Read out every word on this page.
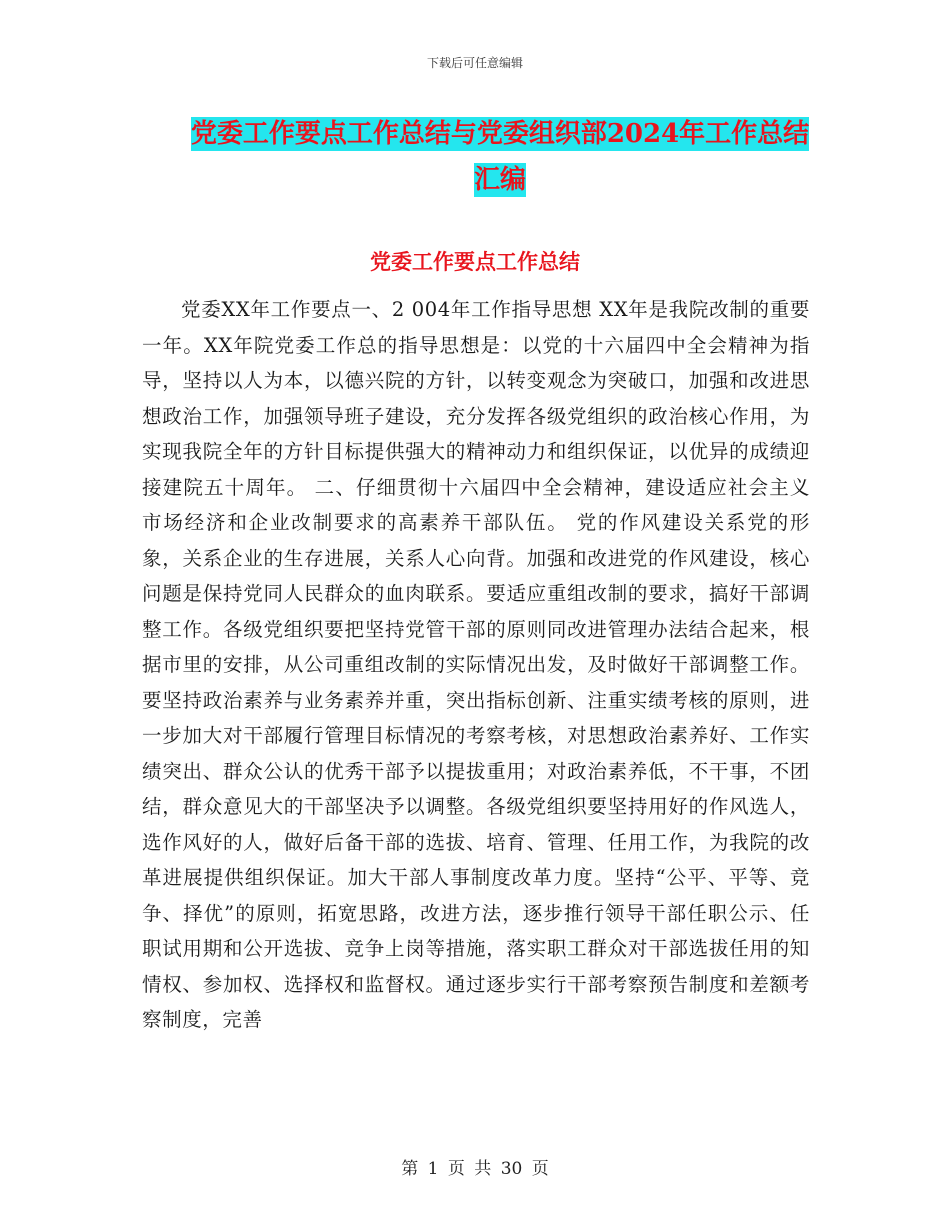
下载后可任意编辑
党委工作要点工作总结与党委组织部2024年工作总结
汇编
党委工作要点工作总结

党委XX年工作要点一、2 004年工作指导思想 XX年是我院改制的重要一年。XX年院党委工作总的指导思想是：以党的十六届四中全会精神为指导，坚持以人为本，以德兴院的方针，以转变观念为突破口，加强和改进思想政治工作，加强领导班子建设，充分发挥各级党组织的政治核心作用，为实现我院全年的方针目标提供强大的精神动力和组织保证，以优异的成绩迎接建院五十周年。 二、仔细贯彻十六届四中全会精神，建设适应社会主义市场经济和企业改制要求的高素养干部队伍。 党的作风建设关系党的形象，关系企业的生存进展，关系人心向背。加强和改进党的作风建设，核心问题是保持党同人民群众的血肉联系。要适应重组改制的要求，搞好干部调整工作。各级党组织要把坚持党管干部的原则同改进管理办法结合起来，根据市里的安排，从公司重组改制的实际情况出发，及时做好干部调整工作。要坚持政治素养与业务素养并重，突出指标创新、注重实绩考核的原则，进一步加大对干部履行管理目标情况的考察考核，对思想政治素养好、工作实绩突出、群众公认的优秀干部予以提拔重用；对政治素养低，不干事，不团结，群众意见大的干部坚决予以调整。各级党组织要坚持用好的作风选人，选作风好的人，做好后备干部的选拔、培育、管理、任用工作，为我院的改革进展提供组织保证。加大干部人事制度改革力度。坚持“公平、平等、竞争、择优”的原则，拓宽思路，改进方法，逐步推行领导干部任职公示、任职试用期和公开选拔、竞争上岗等措施，落实职工群众对干部选拔任用的知情权、参加权、选择权和监督权。通过逐步实行干部考察预告制度和差额考察制度，完善

第 1 页 共 30 页
